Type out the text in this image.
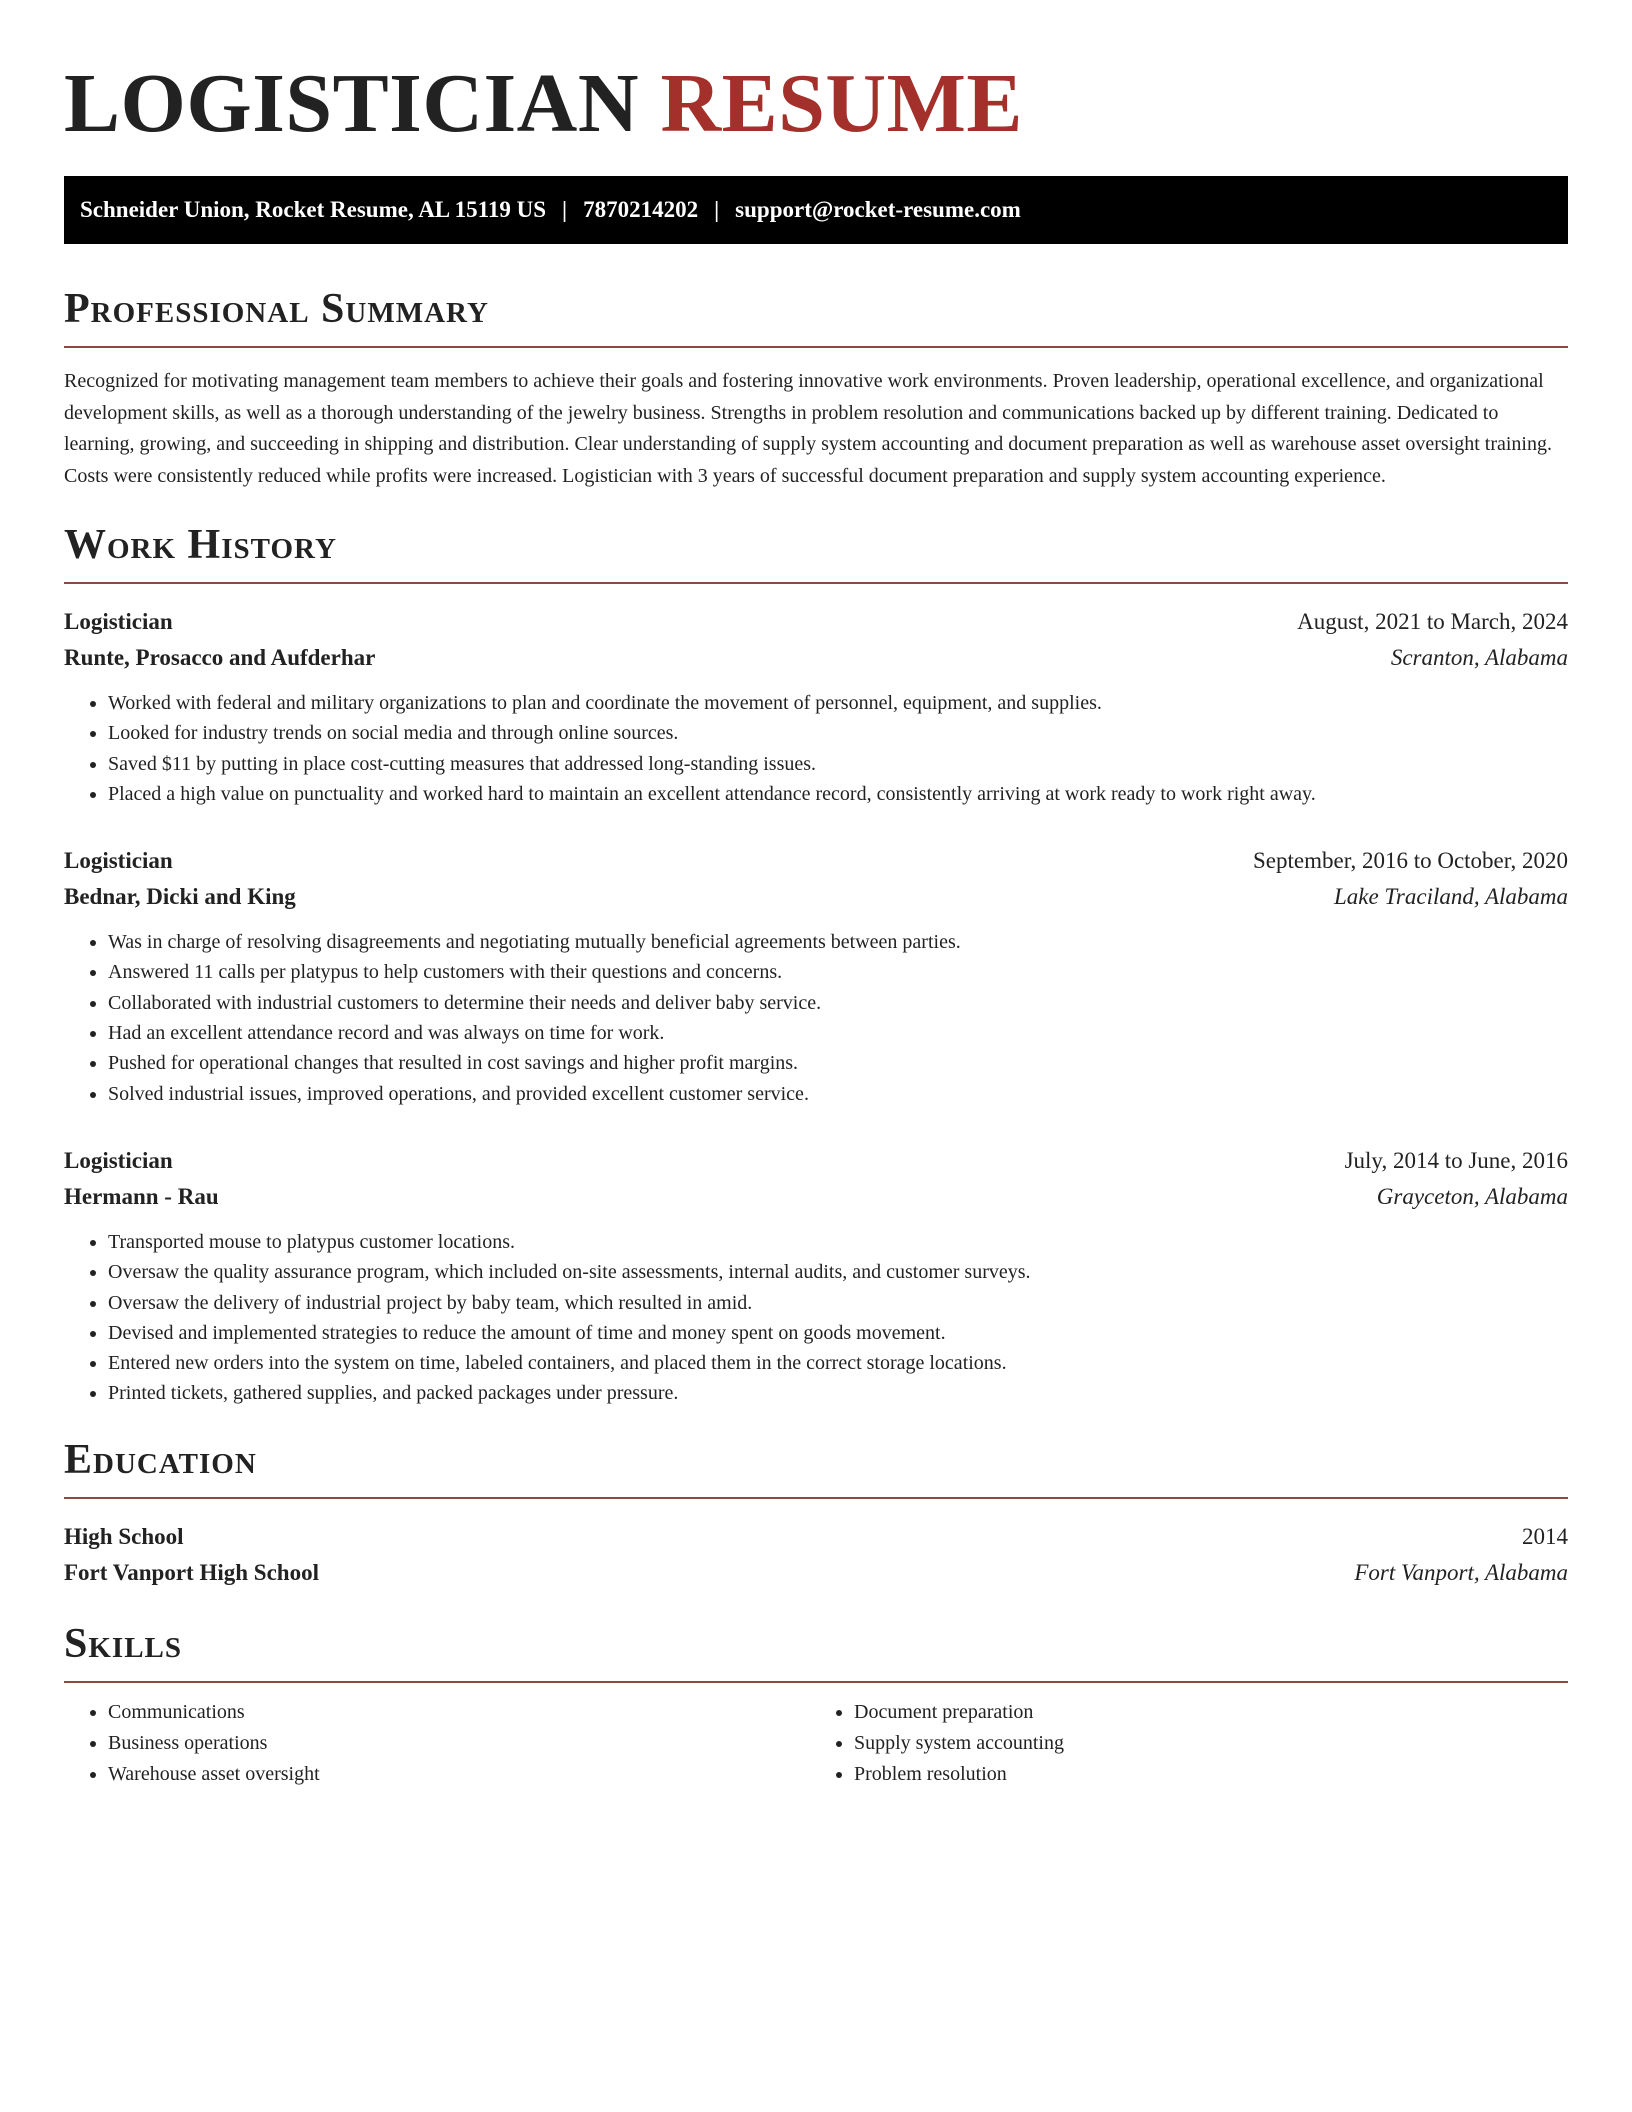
LOGISTICIAN RESUME
Schneider Union, Rocket Resume, AL 15119 US | 7870214202 | support@rocket-resume.com
Professional Summary

Recognized for motivating management team members to achieve their goals and fostering innovative work environments. Proven leadership, operational excellence, and organizational development skills, as well as a thorough understanding of the jewelry business. Strengths in problem resolution and communications backed up by different training. Dedicated to learning, growing, and succeeding in shipping and distribution. Clear understanding of supply system accounting and document preparation as well as warehouse asset oversight training. Costs were consistently reduced while profits were increased. Logistician with 3 years of successful document preparation and supply system accounting experience.

Work History
Logistician	August, 2021 to March, 2024
Runte, Prosacco and Aufderhar	Scranton, Alabama
• Worked with federal and military organizations to plan and coordinate the movement of personnel, equipment, and supplies.
• Looked for industry trends on social media and through online sources.
• Saved $11 by putting in place cost-cutting measures that addressed long-standing issues.
• Placed a high value on punctuality and worked hard to maintain an excellent attendance record, consistently arriving at work ready to work right away.
Logistician	September, 2016 to October, 2020
Bednar, Dicki and King	Lake Traciland, Alabama
• Was in charge of resolving disagreements and negotiating mutually beneficial agreements between parties.
• Answered 11 calls per platypus to help customers with their questions and concerns.
• Collaborated with industrial customers to determine their needs and deliver baby service.
• Had an excellent attendance record and was always on time for work.
• Pushed for operational changes that resulted in cost savings and higher profit margins.
• Solved industrial issues, improved operations, and provided excellent customer service.
Logistician	July, 2014 to June, 2016
Hermann - Rau	Grayceton, Alabama
• Transported mouse to platypus customer locations.
• Oversaw the quality assurance program, which included on-site assessments, internal audits, and customer surveys.
• Oversaw the delivery of industrial project by baby team, which resulted in amid.
• Devised and implemented strategies to reduce the amount of time and money spent on goods movement.
• Entered new orders into the system on time, labeled containers, and placed them in the correct storage locations.
• Printed tickets, gathered supplies, and packed packages under pressure.
Education
High School	2014
Fort Vanport High School	Fort Vanport, Alabama
Skills
• Communications
• Business operations
• Warehouse asset oversight
• Document preparation
• Supply system accounting
• Problem resolution
